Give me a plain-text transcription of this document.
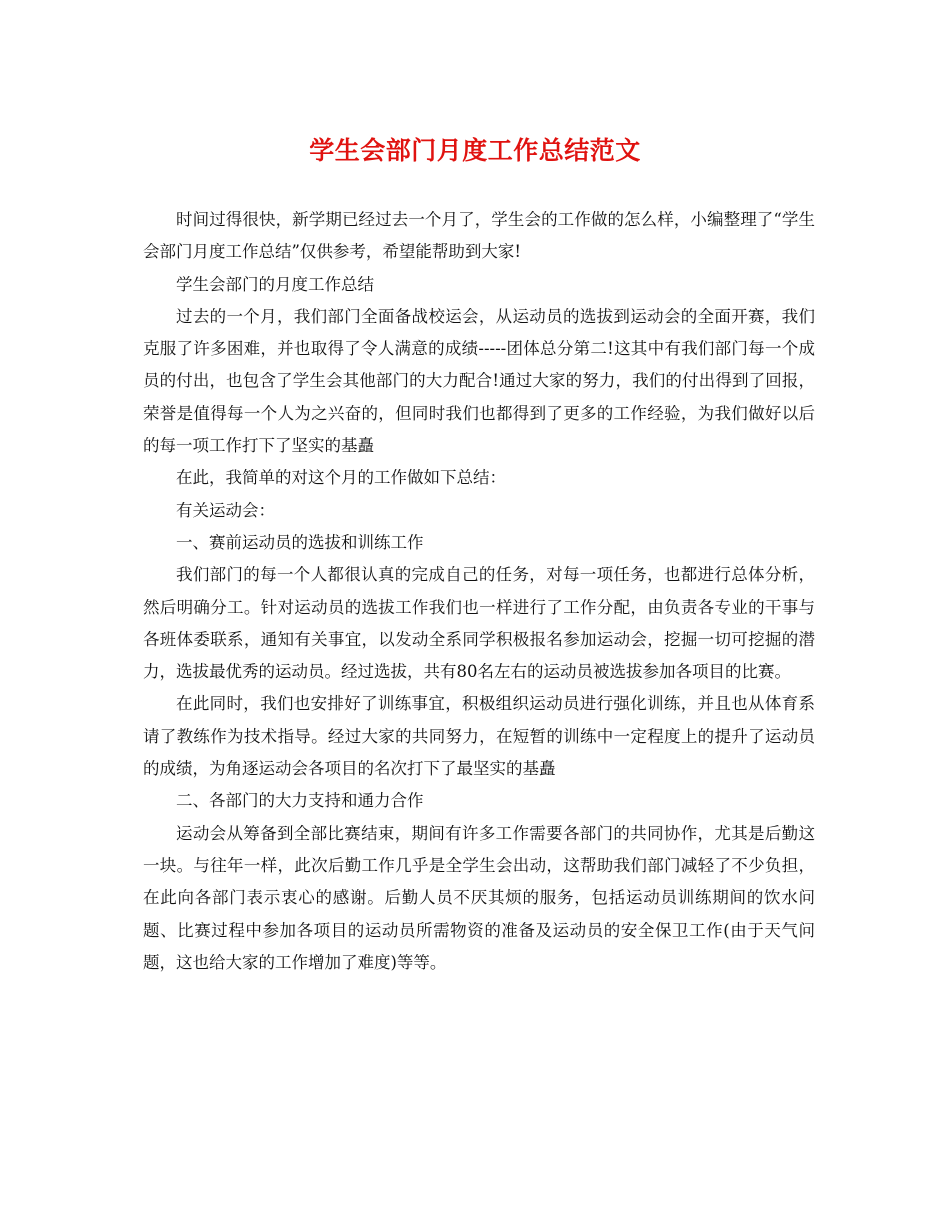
学生会部门月度工作总结范文

时间过得很快，新学期已经过去一个月了，学生会的工作做的怎么样，小编整理了“学生会部门月度工作总结”仅供参考，希望能帮助到大家!

学生会部门的月度工作总结

过去的一个月，我们部门全面备战校运会，从运动员的选拔到运动会的全面开赛，我们克服了许多困难，并也取得了令人满意的成绩-----团体总分第二!这其中有我们部门每一个成员的付出，也包含了学生会其他部门的大力配合!通过大家的努力，我们的付出得到了回报，荣誉是值得每一个人为之兴奋的，但同时我们也都得到了更多的工作经验，为我们做好以后的每一项工作打下了坚实的基矗

在此，我简单的对这个月的工作做如下总结：

有关运动会：

一、赛前运动员的选拔和训练工作

我们部门的每一个人都很认真的完成自己的任务，对每一项任务，也都进行总体分析，然后明确分工。针对运动员的选拔工作我们也一样进行了工作分配，由负责各专业的干事与各班体委联系，通知有关事宜，以发动全系同学积极报名参加运动会，挖掘一切可挖掘的潜力，选拔最优秀的运动员。经过选拔，共有80名左右的运动员被选拔参加各项目的比赛。

在此同时，我们也安排好了训练事宜，积极组织运动员进行强化训练，并且也从体育系请了教练作为技术指导。经过大家的共同努力，在短暂的训练中一定程度上的提升了运动员的成绩，为角逐运动会各项目的名次打下了最坚实的基矗

二、各部门的大力支持和通力合作

运动会从筹备到全部比赛结束，期间有许多工作需要各部门的共同协作，尤其是后勤这一块。与往年一样，此次后勤工作几乎是全学生会出动，这帮助我们部门减轻了不少负担，在此向各部门表示衷心的感谢。后勤人员不厌其烦的服务，包括运动员训练期间的饮水问题、比赛过程中参加各项目的运动员所需物资的准备及运动员的安全保卫工作(由于天气问题，这也给大家的工作增加了难度)等等。
